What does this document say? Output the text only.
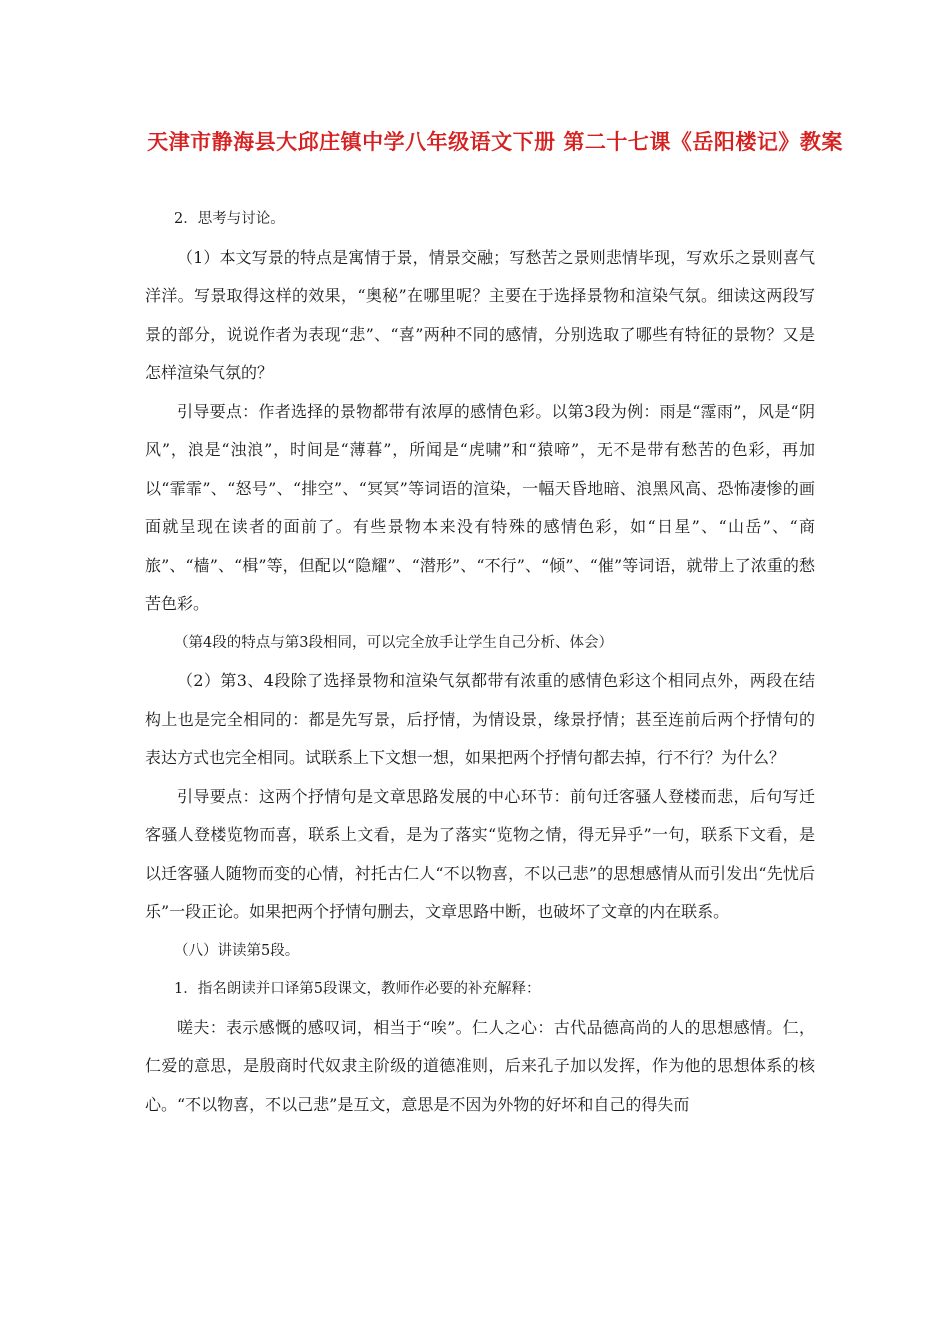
天津市静海县大邱庄镇中学八年级语文下册 第二十七课《岳阳楼记》教案

2．思考与讨论。

（1）本文写景的特点是寓情于景，情景交融；写愁苦之景则悲情毕现，写欢乐之景则喜气洋洋。写景取得这样的效果，“奥秘”在哪里呢？主要在于选择景物和渲染气氛。细读这两段写景的部分，说说作者为表现“悲”、“喜”两种不同的感情，分别选取了哪些有特征的景物？又是怎样渲染气氛的？

引导要点：作者选择的景物都带有浓厚的感情色彩。以第3段为例：雨是“霪雨”，风是“阴风”，浪是“浊浪”，时间是“薄暮”，所闻是“虎啸”和“猿啼”，无不是带有愁苦的色彩，再加以“霏霏”、“怒号”、“排空”、“冥冥”等词语的渲染，一幅天昏地暗、浪黑风高、恐怖凄惨的画面就呈现在读者的面前了。有些景物本来没有特殊的感情色彩，如“日星”、“山岳”、“商旅”、“樯”、“楫”等，但配以“隐耀”、“潜形”、“不行”、“倾”、“催”等词语，就带上了浓重的愁苦色彩。

（第4段的特点与第3段相同，可以完全放手让学生自己分析、体会）

（2）第3、4段除了选择景物和渲染气氛都带有浓重的感情色彩这个相同点外，两段在结构上也是完全相同的：都是先写景，后抒情，为情设景，缘景抒情；甚至连前后两个抒情句的表达方式也完全相同。试联系上下文想一想，如果把两个抒情句都去掉，行不行？为什么？

引导要点：这两个抒情句是文章思路发展的中心环节：前句迁客骚人登楼而悲，后句写迁客骚人登楼览物而喜，联系上文看，是为了落实“览物之情，得无异乎”一句，联系下文看，是以迁客骚人随物而变的心情，衬托古仁人“不以物喜，不以己悲”的思想感情从而引发出“先忧后乐”一段正论。如果把两个抒情句删去，文章思路中断，也破坏了文章的内在联系。

（八）讲读第5段。

1．指名朗读并口译第5段课文，教师作必要的补充解释：

嗟夫：表示感慨的感叹词，相当于“唉”。仁人之心：古代品德高尚的人的思想感情。仁，仁爱的意思，是殷商时代奴隶主阶级的道德准则，后来孔子加以发挥，作为他的思想体系的核心。“不以物喜，不以己悲”是互文，意思是不因为外物的好坏和自己的得失而
